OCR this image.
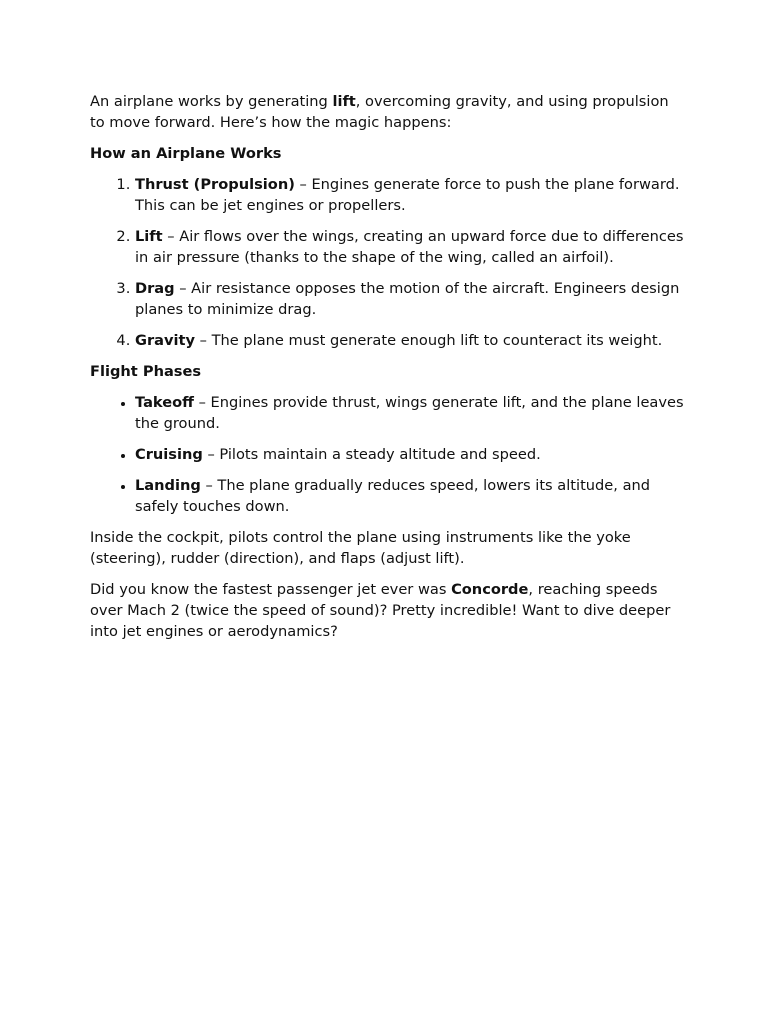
An airplane works by generating lift, overcoming gravity, and using propulsion to move forward. Here’s how the magic happens:

How an Airplane Works
1. Thrust (Propulsion) – Engines generate force to push the plane forward. This can be jet engines or propellers.
2. Lift – Air flows over the wings, creating an upward force due to differences in air pressure (thanks to the shape of the wing, called an airfoil).
3. Drag – Air resistance opposes the motion of the aircraft. Engineers design planes to minimize drag.
4. Gravity – The plane must generate enough lift to counteract its weight.
Flight Phases
• Takeoff – Engines provide thrust, wings generate lift, and the plane leaves the ground.
• Cruising – Pilots maintain a steady altitude and speed.
• Landing – The plane gradually reduces speed, lowers its altitude, and safely touches down.

Inside the cockpit, pilots control the plane using instruments like the yoke (steering), rudder (direction), and flaps (adjust lift).

Did you know the fastest passenger jet ever was Concorde, reaching speeds over Mach 2 (twice the speed of sound)? Pretty incredible! Want to dive deeper into jet engines or aerodynamics?
